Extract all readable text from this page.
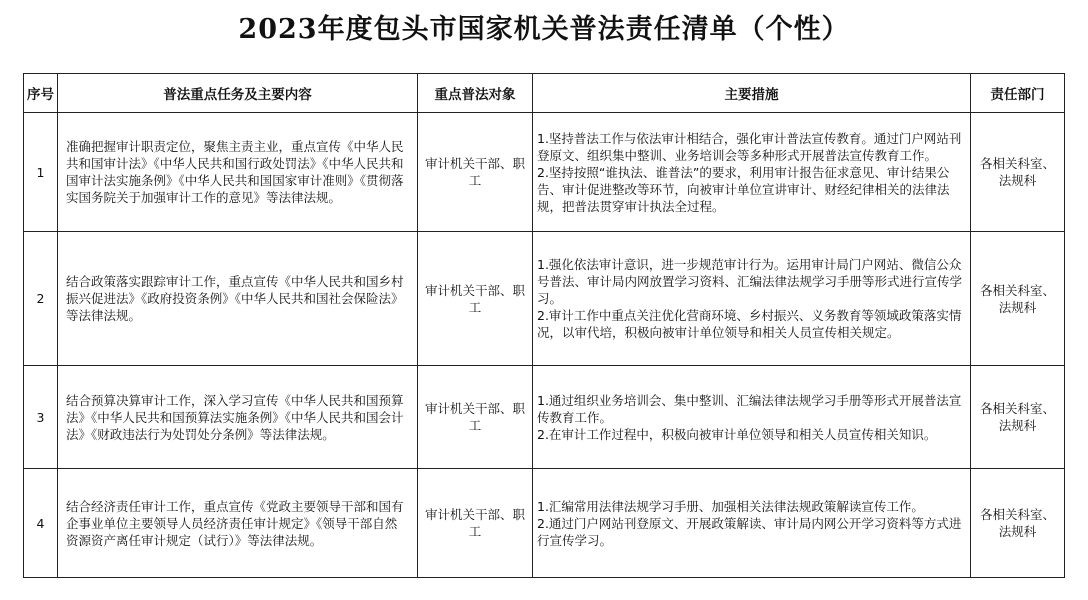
2023年度包头市国家机关普法责任清单（个性）
序号	普法重点任务及主要内容	重点普法对象	主要措施	责任部门
1	准确把握审计职责定位，聚焦主责主业，重点宣传《中华人民共和国审计法》《中华人民共和国行政处罚法》《中华人民共和国审计法实施条例》《中华人民共和国国家审计准则》《贯彻落实国务院关于加强审计工作的意见》等法律法规。	审计机关干部、职工	1.坚持普法工作与依法审计相结合，强化审计普法宣传教育。通过门户网站刊登原文、组织集中整训、业务培训会等多种形式开展普法宣传教育工作。
2.坚持按照“谁执法、谁普法”的要求，利用审计报告征求意见、审计结果公告、审计促进整改等环节，向被审计单位宣讲审计、财经纪律相关的法律法规，把普法贯穿审计执法全过程。	各相关科室、法规科
2	结合政策落实跟踪审计工作，重点宣传《中华人民共和国乡村振兴促进法》《政府投资条例》《中华人民共和国社会保险法》等法律法规。	审计机关干部、职工	1.强化依法审计意识，进一步规范审计行为。运用审计局门户网站、微信公众号普法、审计局内网放置学习资料、汇编法律法规学习手册等形式进行宣传学习。
2.审计工作中重点关注优化营商环境、乡村振兴、义务教育等领域政策落实情况，以审代培，积极向被审计单位领导和相关人员宣传相关规定。	各相关科室、法规科
3	结合预算决算审计工作，深入学习宣传《中华人民共和国预算法》《中华人民共和国预算法实施条例》《中华人民共和国会计法》《财政违法行为处罚处分条例》等法律法规。	审计机关干部、职工	1.通过组织业务培训会、集中整训、汇编法律法规学习手册等形式开展普法宣传教育工作。
2.在审计工作过程中，积极向被审计单位领导和相关人员宣传相关知识。	各相关科室、法规科
4	结合经济责任审计工作，重点宣传《党政主要领导干部和国有企事业单位主要领导人员经济责任审计规定》《领导干部自然资源资产离任审计规定（试行）》等法律法规。	审计机关干部、职工	1.汇编常用法律法规学习手册、加强相关法律法规政策解读宣传工作。
2.通过门户网站刊登原文、开展政策解读、审计局内网公开学习资料等方式进行宣传学习。	各相关科室、法规科
